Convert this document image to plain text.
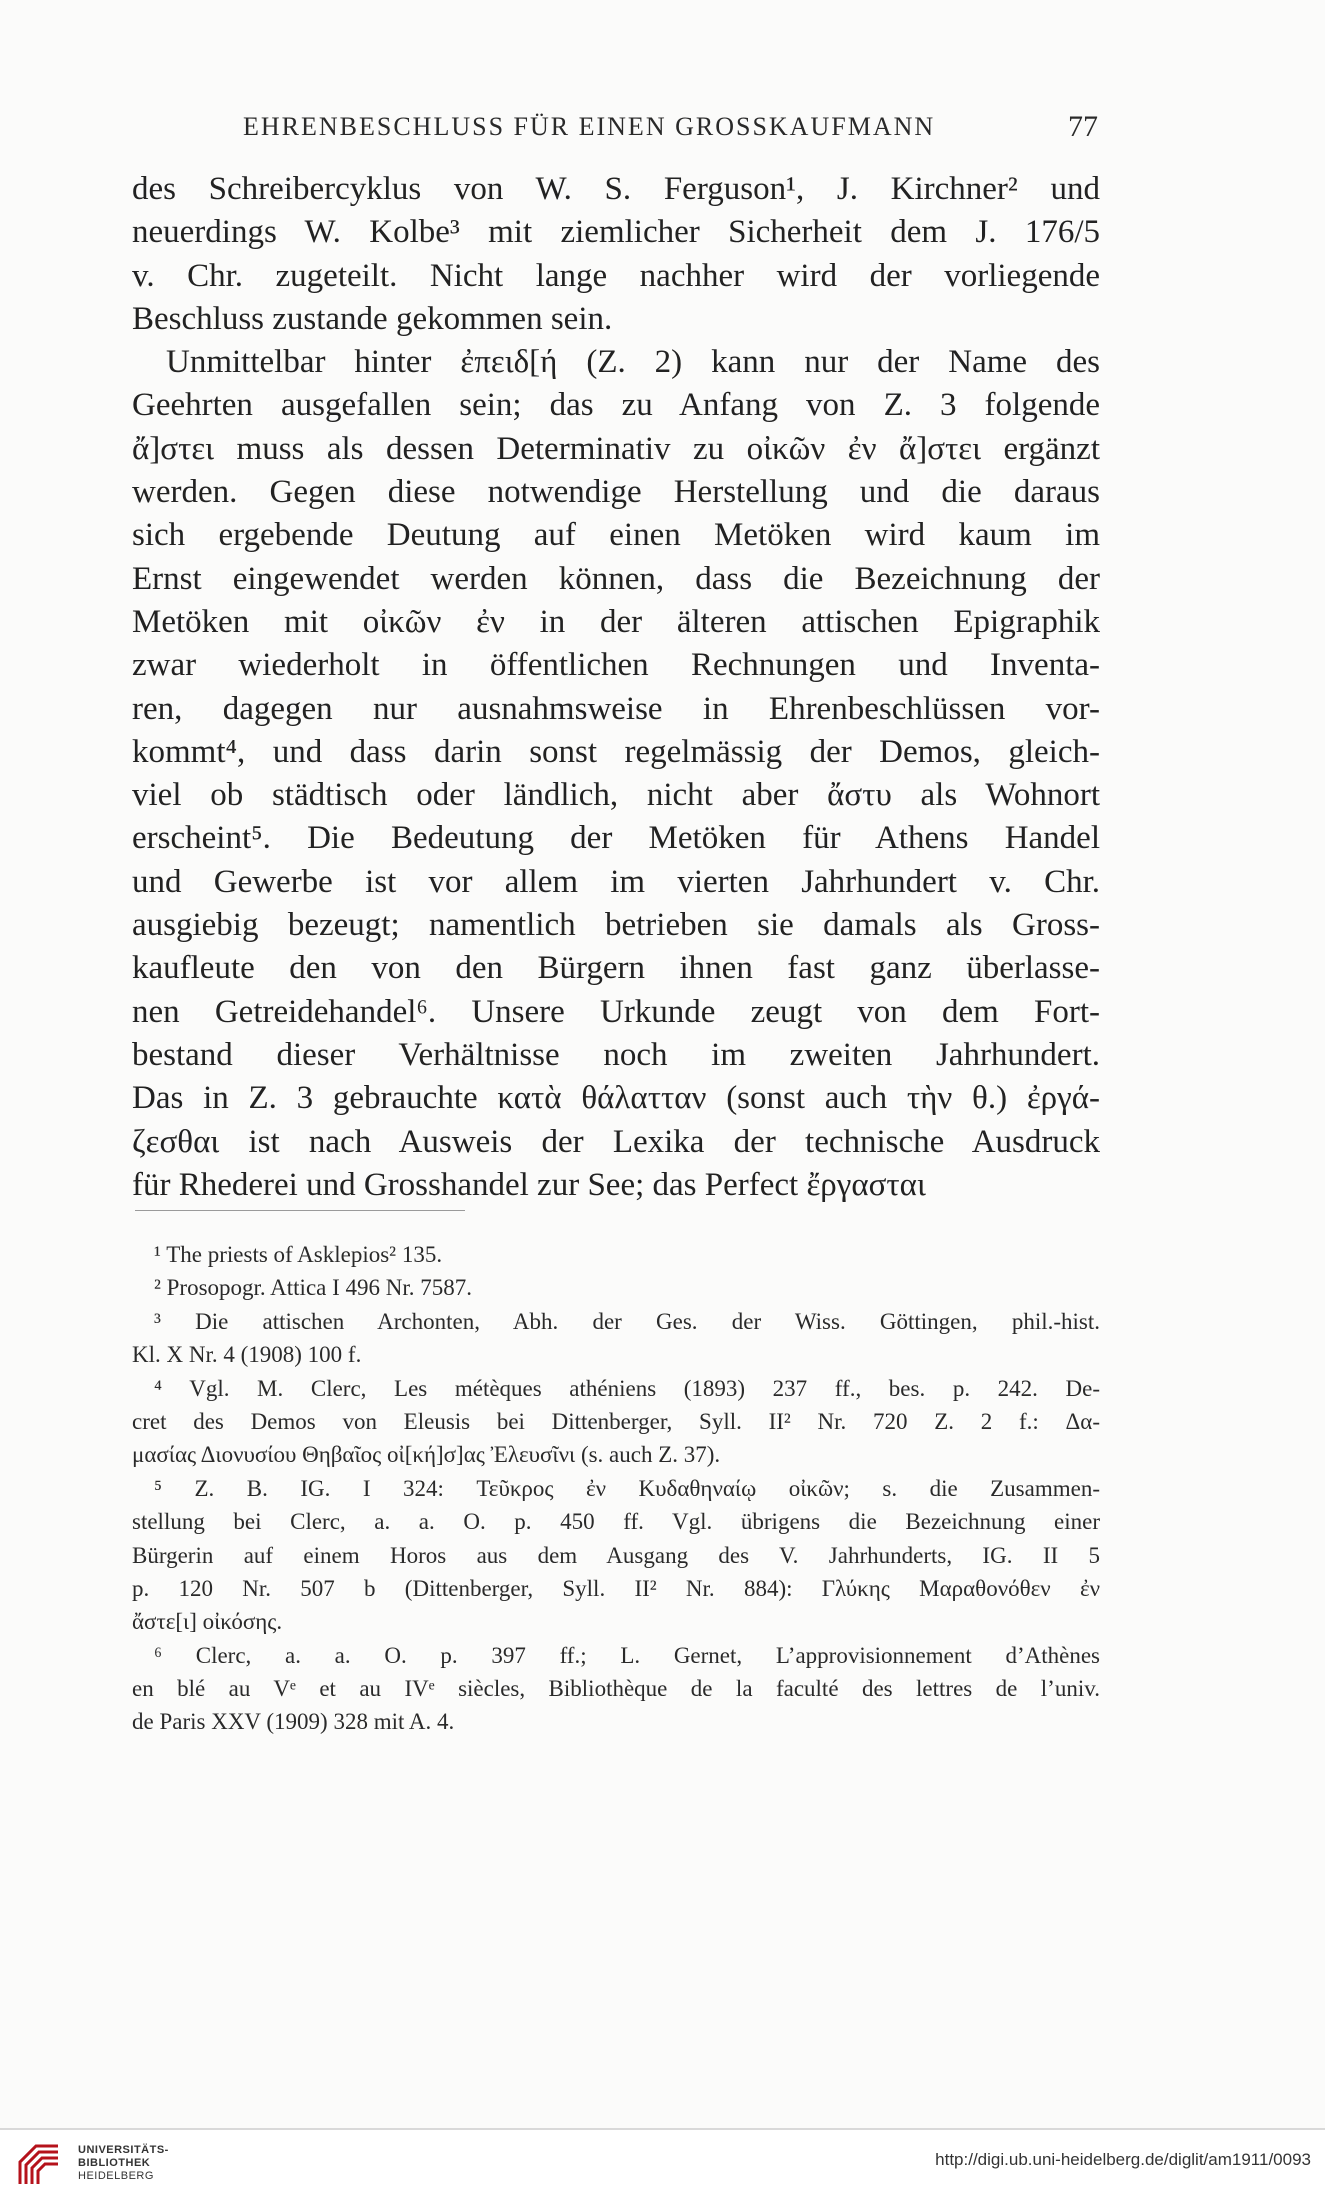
EHRENBESCHLUSS FÜR EINEN GROSSKAUFMANN	77
des Schreibercyklus von W. S. Ferguson¹, J. Kirchner² und
neuerdings W. Kolbe³ mit ziemlicher Sicherheit dem J. 176/5
v. Chr. zugeteilt. Nicht lange nachher wird der vorliegende
Beschluss zustande gekommen sein.
Unmittelbar hinter ἐπειδ[ή (Z. 2) kann nur der Name des
Geehrten ausgefallen sein; das zu Anfang von Z. 3 folgende
ἄ]στει muss als dessen Determinativ zu οἰκῶν ἐν ἄ]στει ergänzt
werden. Gegen diese notwendige Herstellung und die daraus
sich ergebende Deutung auf einen Metöken wird kaum im
Ernst eingewendet werden können, dass die Bezeichnung der
Metöken mit οἰκῶν ἐν in der älteren attischen Epigraphik
zwar wiederholt in öffentlichen Rechnungen und Inventa-
ren, dagegen nur ausnahmsweise in Ehrenbeschlüssen vor-
kommt⁴, und dass darin sonst regelmässig der Demos, gleich-
viel ob städtisch oder ländlich, nicht aber ἄστυ als Wohnort
erscheint⁵. Die Bedeutung der Metöken für Athens Handel
und Gewerbe ist vor allem im vierten Jahrhundert v. Chr.
ausgiebig bezeugt; namentlich betrieben sie damals als Gross-
kaufleute den von den Bürgern ihnen fast ganz überlasse-
nen Getreidehandel⁶. Unsere Urkunde zeugt von dem Fort-
bestand dieser Verhältnisse noch im zweiten Jahrhundert.
Das in Z. 3 gebrauchte κατὰ θάλατταν (sonst auch τὴν θ.) ἐργά-
ζεσθαι ist nach Ausweis der Lexika der technische Ausdruck
für Rhederei und Grosshandel zur See; das Perfect ἔργασται
¹ The priests of Asklepios² 135.
² Prosopogr. Attica I 496 Nr. 7587.
³ Die attischen Archonten, Abh. der Ges. der Wiss. Göttingen, phil.-hist.
Kl. X Nr. 4 (1908) 100 f.
⁴ Vgl. M. Clerc, Les métèques athéniens (1893) 237 ff., bes. p. 242. De-
cret des Demos von Eleusis bei Dittenberger, Syll. II² Nr. 720 Z. 2 f.: Δα-
μασίας Διονυσίου Θηβαῖος οἰ[κή]σ]ας Ἐλευσῖνι (s. auch Z. 37).
⁵ Z. B. IG. I 324: Τεῦκρος ἐν Κυδαθηναίῳ οἰκῶν; s. die Zusammen-
stellung bei Clerc, a. a. O. p. 450 ff. Vgl. übrigens die Bezeichnung einer
Bürgerin auf einem Horos aus dem Ausgang des V. Jahrhunderts, IG. II 5
p. 120 Nr. 507 b (Dittenberger, Syll. II² Nr. 884): Γλύκης Μαραθονόθεν ἐν
ἄστε[ι] οἰκόσης.
⁶ Clerc, a. a. O. p. 397 ff.; L. Gernet, L’approvisionnement d’Athènes
en blé au Vᵉ et au IVᵉ siècles, Bibliothèque de la faculté des lettres de l’univ.
de Paris XXV (1909) 328 mit A. 4.
UNIVERSITÄTS-
BIBLIOTHEK
HEIDELBERG
http://digi.ub.uni-heidelberg.de/diglit/am1911/0093
